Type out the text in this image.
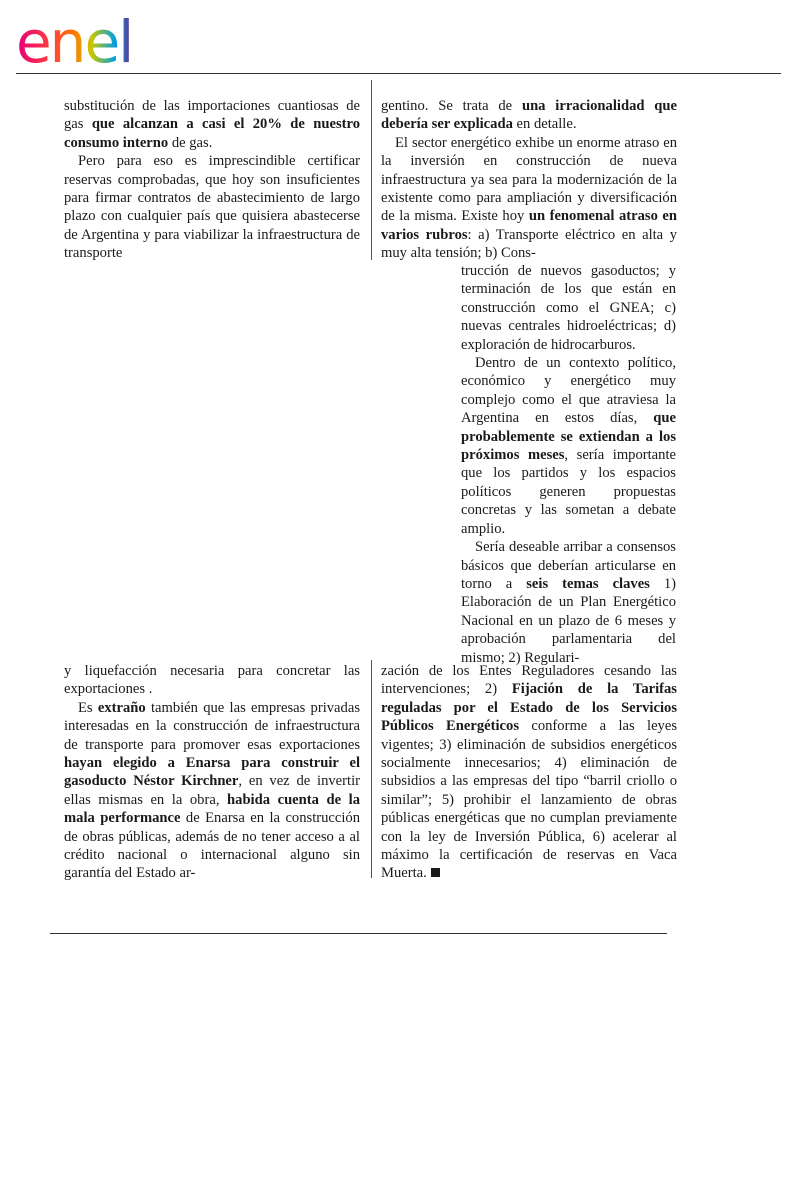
enel

substitución de las importaciones cuantiosas de gas que alcanzan a casi el 20% de nuestro consumo interno de gas.

Pero para eso es imprescindible certificar reservas comprobadas, que hoy son insuficientes para firmar contratos de abastecimiento de largo plazo con cualquier país que quisiera abastecerse de Argentina y para viabilizar la infraestructura de transporte

gentino. Se trata de una irracionalidad que debería ser explicada en detalle.

El sector energético exhibe un enorme atraso en la inversión en construcción de nueva infraestructura ya sea para la modernización de la existente como para ampliación y diversificación de la misma. Existe hoy un fenomenal atraso en varios rubros: a) Transporte eléctrico en alta y muy alta tensión; b) Cons-

trucción de nuevos gasoductos; y terminación de los que están en construcción como el GNEA; c) nuevas centrales hidroeléctricas; d) exploración de hidrocarburos.

Dentro de un contexto político, económico y energético muy complejo como el que atraviesa la Argentina en estos días, que probablemente se extiendan a los próximos meses, sería importante que los partidos y los espacios políticos generen propuestas concretas y las sometan a debate amplio.

Sería deseable arribar a consensos básicos que deberían articularse en torno a seis temas claves 1) Elaboración de un Plan Energético Nacional en un plazo de 6 meses y aprobación parlamentaria del mismo; 2) Regulari-

y liquefacción necesaria para concretar las exportaciones .

Es extraño también que las empresas privadas interesadas en la construcción de infraestructura de transporte para promover esas exportaciones hayan elegido a Enarsa para construir el gasoducto Néstor Kirchner, en vez de invertir ellas mismas en la obra, habida cuenta de la mala performance de Enarsa en la construcción de obras públicas, además de no tener acceso a al crédito nacional o internacional alguno sin garantía del Estado ar-

zación de los Entes Reguladores cesando las intervenciones; 2) Fijación de la Tarifas reguladas por el Estado de los Servicios Públicos Energéticos conforme a las leyes vigentes; 3) eliminación de subsidios energéticos socialmente innecesarios; 4) eliminación de subsidios a las empresas del tipo “barril criollo o similar”; 5) prohibir el lanzamiento de obras públicas energéticas que no cumplan previamente con la ley de Inversión Pública, 6) acelerar al máximo la certificación de reservas en Vaca Muerta.
